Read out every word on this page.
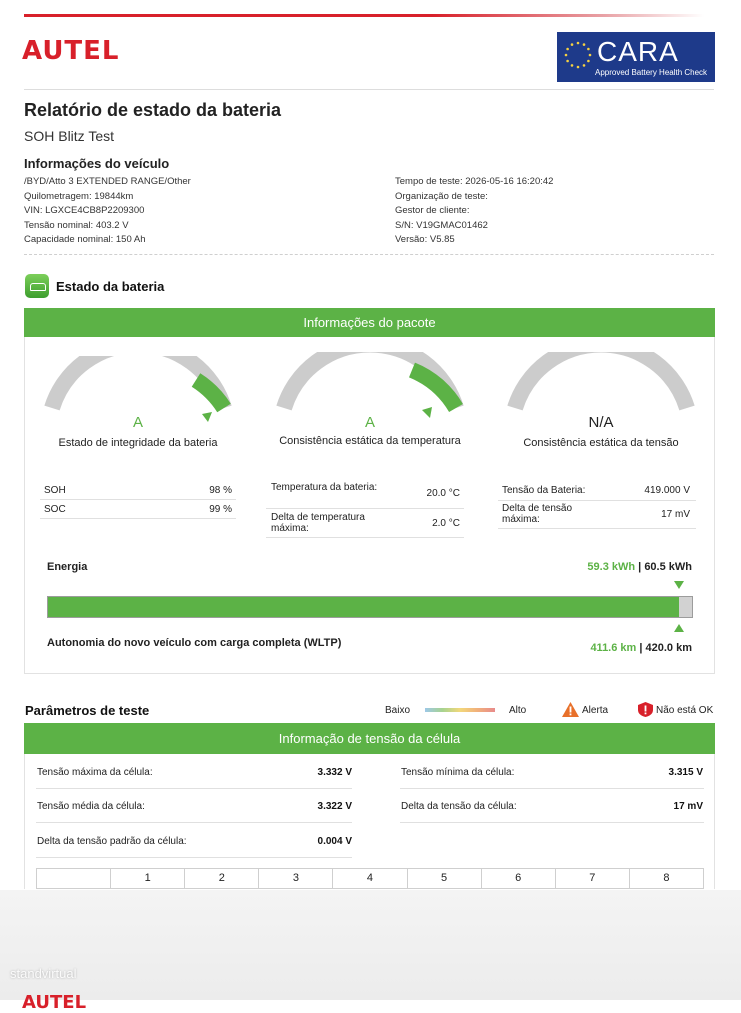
AUTEL	CARA
Approved Battery Health Check
Relatório de estado da bateria
SOH Blitz Test
Informações do veículo
/BYD/Atto 3 EXTENDED RANGE/Other
Quilometragem: 19844km
VIN: LGXCE4CB8P2209300
Tensão nominal: 403.2 V
Capacidade nominal: 150 Ah
Tempo de teste: 2026-05-16 16:20:42
Organização de teste:
Gestor de cliente:
S/N: V19GMAC01462
Versão: V5.85
Estado da bateria
Informações do pacote
A
Estado de integridade da bateria
A
Consistência estática da temperatura
N/A
Consistência estática da tensão
SOH	98 %
SOC	99 %
Temperatura da bateria:
20.0 °C
Delta de temperatura máxima:	2.0 °C
Tensão da Bateria:	419.000 V
Delta de tensão máxima:	17 mV
Energia	59.3 kWh | 60.5 kWh
Autonomia do novo veículo com carga completa (WLTP)	411.6 km | 420.0 km
Parâmetros de teste	Baixo	Alto	Alerta	Não está OK
Informação de tensão da célula
Tensão máxima da célula:	3.332 V
Tensão média da célula:	3.322 V
Delta da tensão padrão da célula:	0.004 V
Tensão mínima da célula:	3.315 V
Delta da tensão da célula:	17 mV
1	2	3	4	5	6	7	8
standvirtual
AUTEL
